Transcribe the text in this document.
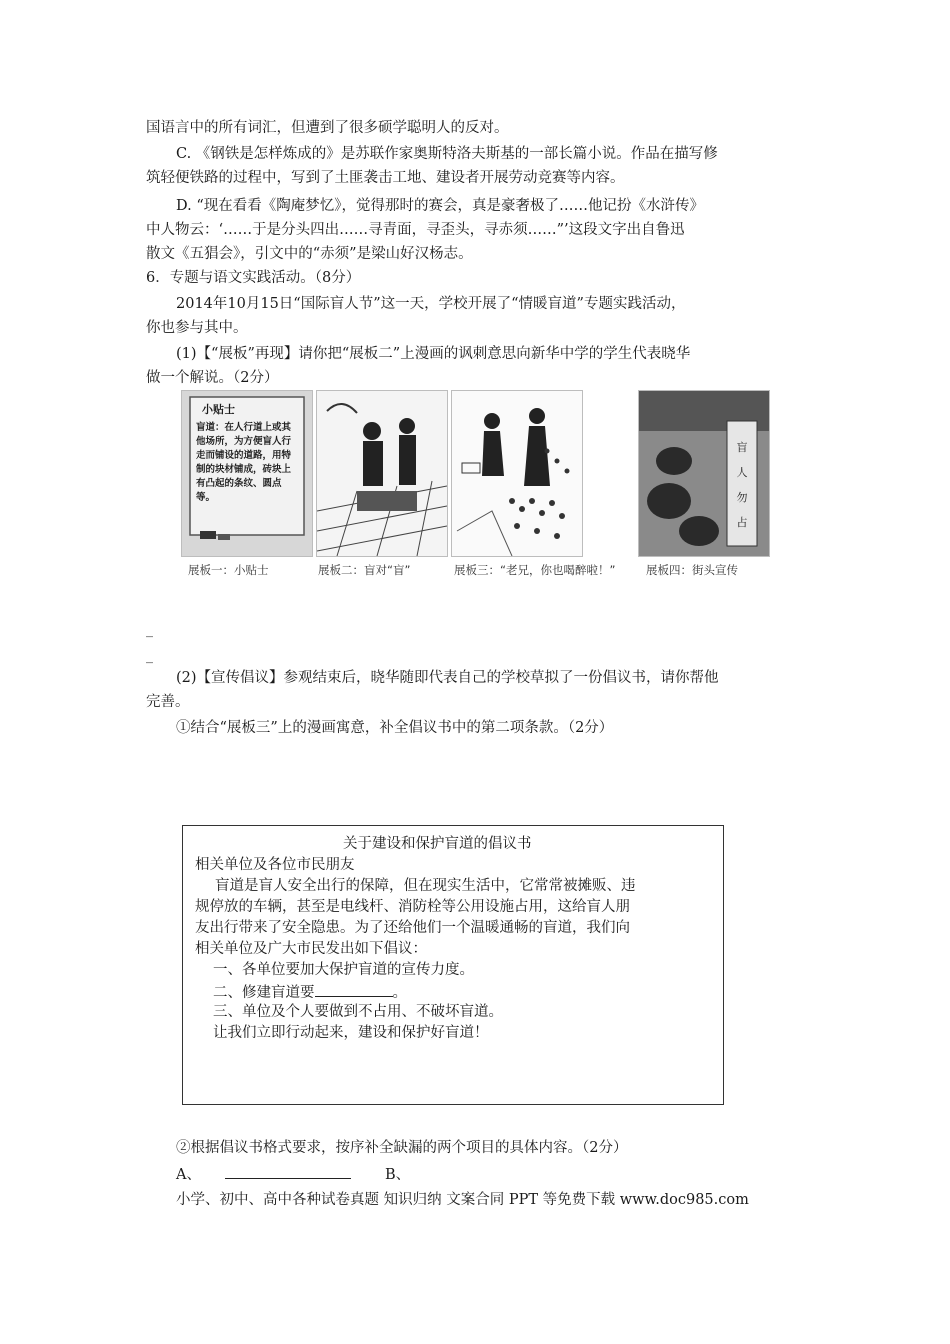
国语言中的所有词汇，但遭到了很多硕学聪明人的反对。
C. 《钢铁是怎样炼成的》是苏联作家奥斯特洛夫斯基的一部长篇小说。作品在描写修
筑轻便铁路的过程中，写到了土匪袭击工地、建设者开展劳动竞赛等内容。
D. “现在看看《陶庵梦忆》，觉得那时的赛会，真是豪奢极了……他记扮《水浒传》
中人物云：‘……于是分头四出……寻青面，寻歪头，寻赤须……”’这段文字出自鲁迅
散文《五猖会》，引文中的“赤须”是梁山好汉杨志。
6．专题与语文实践活动。（8分）
2014年10月15日“国际盲人节”这一天，学校开展了“情暖盲道”专题实践活动，
你也参与其中。
(1)【“展板”再现】请你把“展板二”上漫画的讽刺意思向新华中学的学生代表晓华
做一个解说。（2分）
小贴士
盲道：在人行道上或其他场所，为方便盲人行走而铺设的道路，用特制的块材铺成，砖块上有凸起的条纹、圆点等。
盲
人
勿
占
展板一：小贴士	展板二：盲对“盲”	展板三：“老兄，你也喝醉啦！”	展板四：街头宣传
_
_
(2)【宣传倡议】参观结束后，晓华随即代表自己的学校草拟了一份倡议书，请你帮他
完善。
①结合“展板三”上的漫画寓意，补全倡议书中的第二项条款。（2分）
关于建设和保护盲道的倡议书
相关单位及各位市民朋友
盲道是盲人安全出行的保障，但在现实生活中，它常常被摊贩、违
规停放的车辆，甚至是电线杆、消防栓等公用设施占用，这给盲人朋
友出行带来了安全隐患。为了还给他们一个温暖通畅的盲道，我们向
相关单位及广大市民发出如下倡议：
一、各单位要加大保护盲道的宣传力度。
二、修建盲道要	。
三、单位及个人要做到不占用、不破坏盲道。
让我们立即行动起来，建设和保护好盲道！
②根据倡议书格式要求，按序补全缺漏的两个项目的具体内容。（2分）
A、	B、
小学、初中、高中各种试卷真题 知识归纳 文案合同 PPT 等免费下载 www.doc985.com
